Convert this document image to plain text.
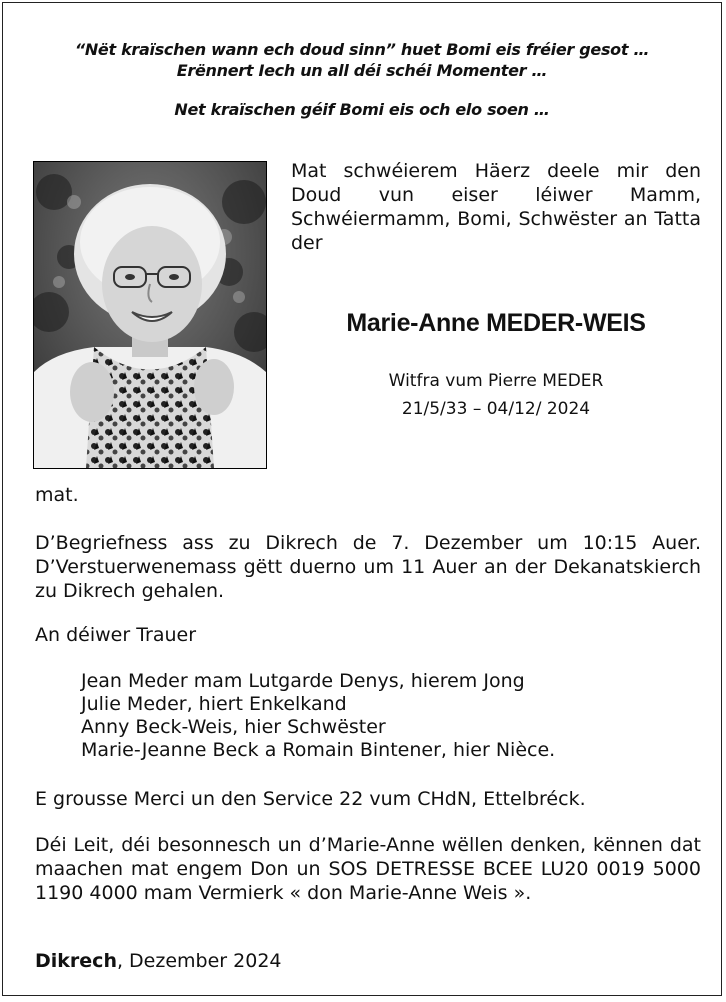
“Nët kraïschen wann ech doud sinn” huet Bomi eis fréier gesot …
Erënnert Iech un all déi schéi Momenter …
Net kraïschen géif Bomi eis och elo soen …
Mat schwéierem Häerz deele mir den Doud vun eiser léiwer Mamm, Schwéiermamm, Bomi, Schwëster an Tatta der
Marie-Anne MEDER-WEIS
Witfra vum Pierre MEDER
21/5/33 – 04/12/ 2024
mat.
D’Begriefness ass zu Dikrech de 7. Dezember um 10:15 Auer. D’Verstuerwenemass gëtt duerno um 11 Auer an der Dekanatskierch zu Dikrech gehalen.
An déiwer Trauer
Jean Meder mam Lutgarde Denys, hierem Jong
Julie Meder, hiert Enkelkand
Anny Beck-Weis, hier Schwëster
Marie-Jeanne Beck a Romain Bintener, hier Nièce.
E grousse Merci un den Service 22 vum CHdN, Ettelbréck.
Déi Leit, déi besonnesch un d’Marie-Anne wëllen denken, kënnen dat maachen mat engem Don un SOS DETRESSE BCEE LU20 0019 5000 1190 4000 mam Vermierk « don Marie-Anne Weis ».
Dikrech, Dezember 2024
